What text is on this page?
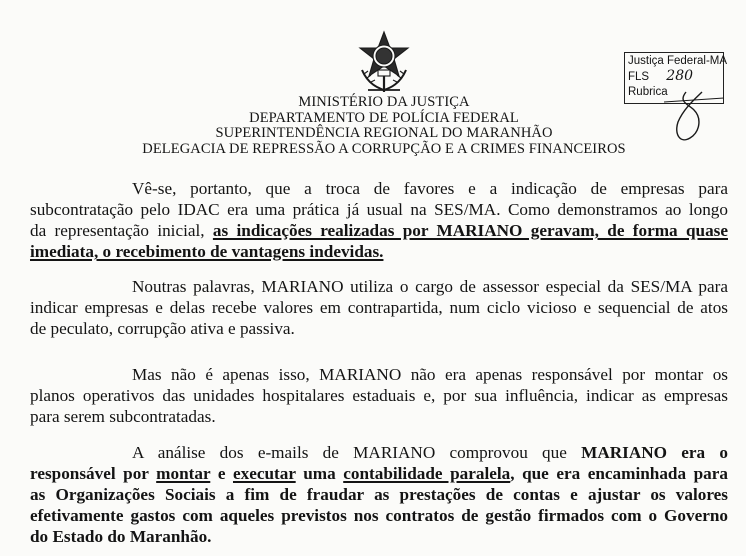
MINISTÉRIO DA JUSTIÇA
DEPARTAMENTO DE POLÍCIA FEDERAL
SUPERINTENDÊNCIA REGIONAL DO MARANHÃO
DELEGACIA DE REPRESSÃO A CORRUPÇÃO E A CRIMES FINANCEIROS
Justiça Federal-MA
FLS 280
Rubrica
Vê-se, portanto, que a troca de favores e a indicação de empresas para
subcontratação pelo IDAC era uma prática já usual na SES/MA. Como demonstramos ao longo
da representação inicial, as indicações realizadas por MARIANO geravam, de forma quase
imediata, o recebimento de vantagens indevidas.
Noutras palavras, MARIANO utiliza o cargo de assessor especial da SES/MA para
indicar empresas e delas recebe valores em contrapartida, num ciclo vicioso e sequencial de atos
de peculato, corrupção ativa e passiva.
Mas não é apenas isso, MARIANO não era apenas responsável por montar os
planos operativos das unidades hospitalares estaduais e, por sua influência, indicar as empresas
para serem subcontratadas.
A análise dos e-mails de MARIANO comprovou que MARIANO era o
responsável por montar e executar uma contabilidade paralela, que era encaminhada para
as Organizações Sociais a fim de fraudar as prestações de contas e ajustar os valores
efetivamente gastos com aqueles previstos nos contratos de gestão firmados com o Governo
do Estado do Maranhão.
